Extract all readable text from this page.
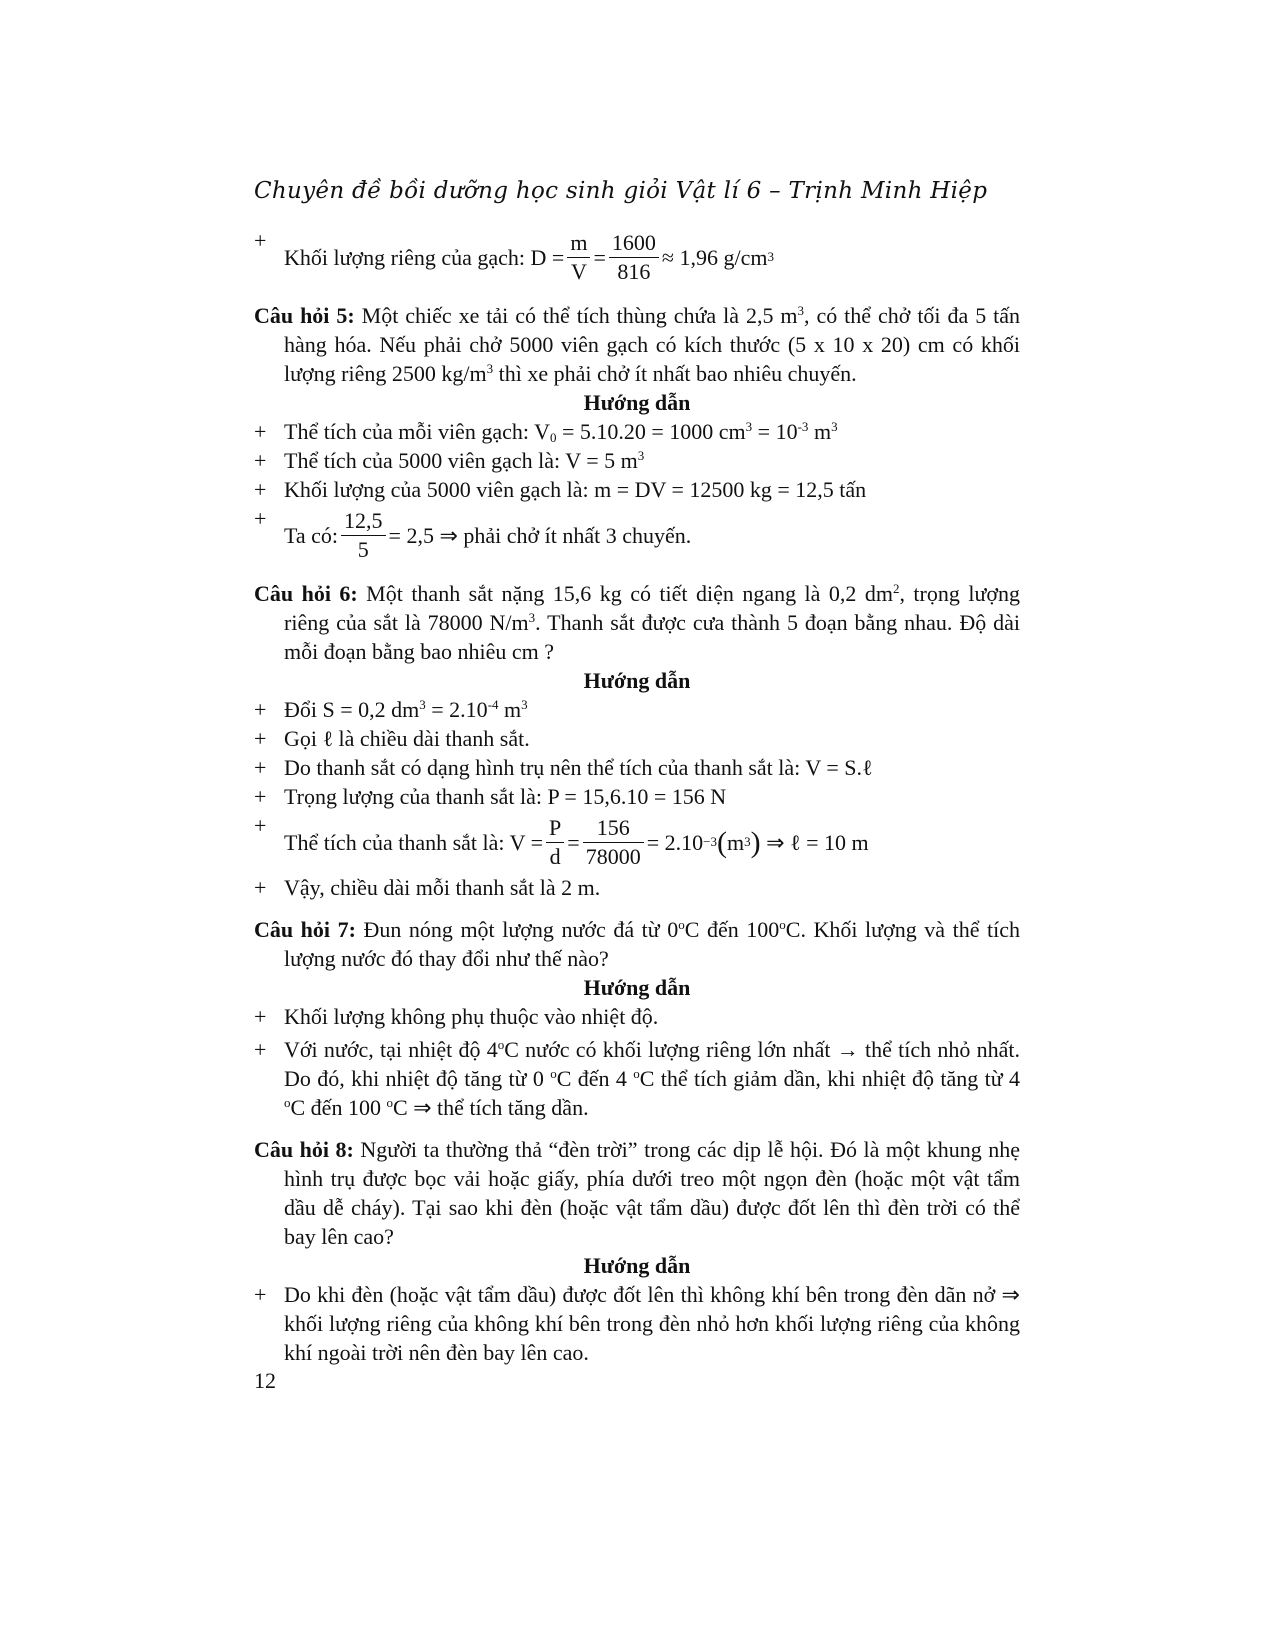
Chuyên đề bồi dưỡng học sinh giỏi Vật lí 6 – Trịnh Minh Hiệp
+ Khối lượng riêng của gạch: $D = \frac{m}{V} = \frac{1600}{816} \approx 1,96$ g/cm 3
Câu hỏi 5: Một chiếc xe tải có thể tích thùng chứa là 2,5 $m^3$, có thể chở tối đa 5 tấn hàng hóa. Nếu phải chở 5000 viên gạch có kích thước (5 x 10 x 20) cm có khối lượng riêng 2500 $kg/m^3$ thì xe phải chở ít nhất bao nhiêu chuyến.
Hướng dẫn
+ Thể tích của mỗi viên gạch: $V_0 = 5.10.20 = 1000$ $cm^3 = 10^{-3}$ $m^3$
+ Thể tích của 5000 viên gạch là: V = 5 $m^3$
+ Khối lượng của 5000 viên gạch là: m = DV = 12500 kg = 12,5 tấn
+ Ta có: $\frac{12,5}{5} = 2,5$ ⇒ phải chở ít nhất 3 chuyến.
Câu hỏi 6: Một thanh sắt nặng 15,6 kg có tiết diện ngang là 0,2 $dm^2$, trọng lượng riêng của sắt là 78000 $N/m^3$. Thanh sắt được cưa thành 5 đoạn bằng nhau. Độ dài mỗi đoạn bằng bao nhiêu cm ?
Hướng dẫn
+ Đổi S = 0,2 $dm^3 = 2.10^{-4}$ $m^3$
+ Gọi ℓ là chiều dài thanh sắt.
+ Do thanh sắt có dạng hình trụ nên thể tích của thanh sắt là: V = S.ℓ
+ Trọng lượng của thanh sắt là: P = 15,6.10 = 156 N
+ Thể tích của thanh sắt là: $V = \frac{P}{d} = \frac{156}{78000} = 2.10 -3$ ( m 3 )
⇒ ℓ = 10 m
+ Vậy, chiều dài mỗi thanh sắt là 2 m.
Câu hỏi 7: Đun nóng một lượng nước đá từ 0$^o$C đến 100$^o$C. Khối lượng và thể tích lượng nước đó thay đổi như thế nào?
Hướng dẫn
+ Khối lượng không phụ thuộc vào nhiệt độ.
+ Với nước, tại nhiệt độ 4$^o$C nước có khối lượng riêng lớn nhất → thể tích nhỏ nhất. Do đó, khi nhiệt độ tăng từ 0 $^o$C đến 4 $^o$C thể tích giảm dần, khi nhiệt độ tăng từ 4 $^o$C đến 100 $^o$C ⇒ thể tích tăng dần.
Câu hỏi 8: Người ta thường thả “đèn trời” trong các dịp lễ hội. Đó là một khung nhẹ hình trụ được bọc vải hoặc giấy, phía dưới treo một ngọn đèn (hoặc một vật tẩm dầu dễ cháy). Tại sao khi đèn (hoặc vật tẩm dầu) được đốt lên thì đèn trời có thể bay lên cao?
Hướng dẫn
+ Do khi đèn (hoặc vật tẩm dầu) được đốt lên thì không khí bên trong đèn dãn nở ⇒ khối lượng riêng của không khí bên trong đèn nhỏ hơn khối lượng riêng của không khí ngoài trời nên đèn bay lên cao.
12
